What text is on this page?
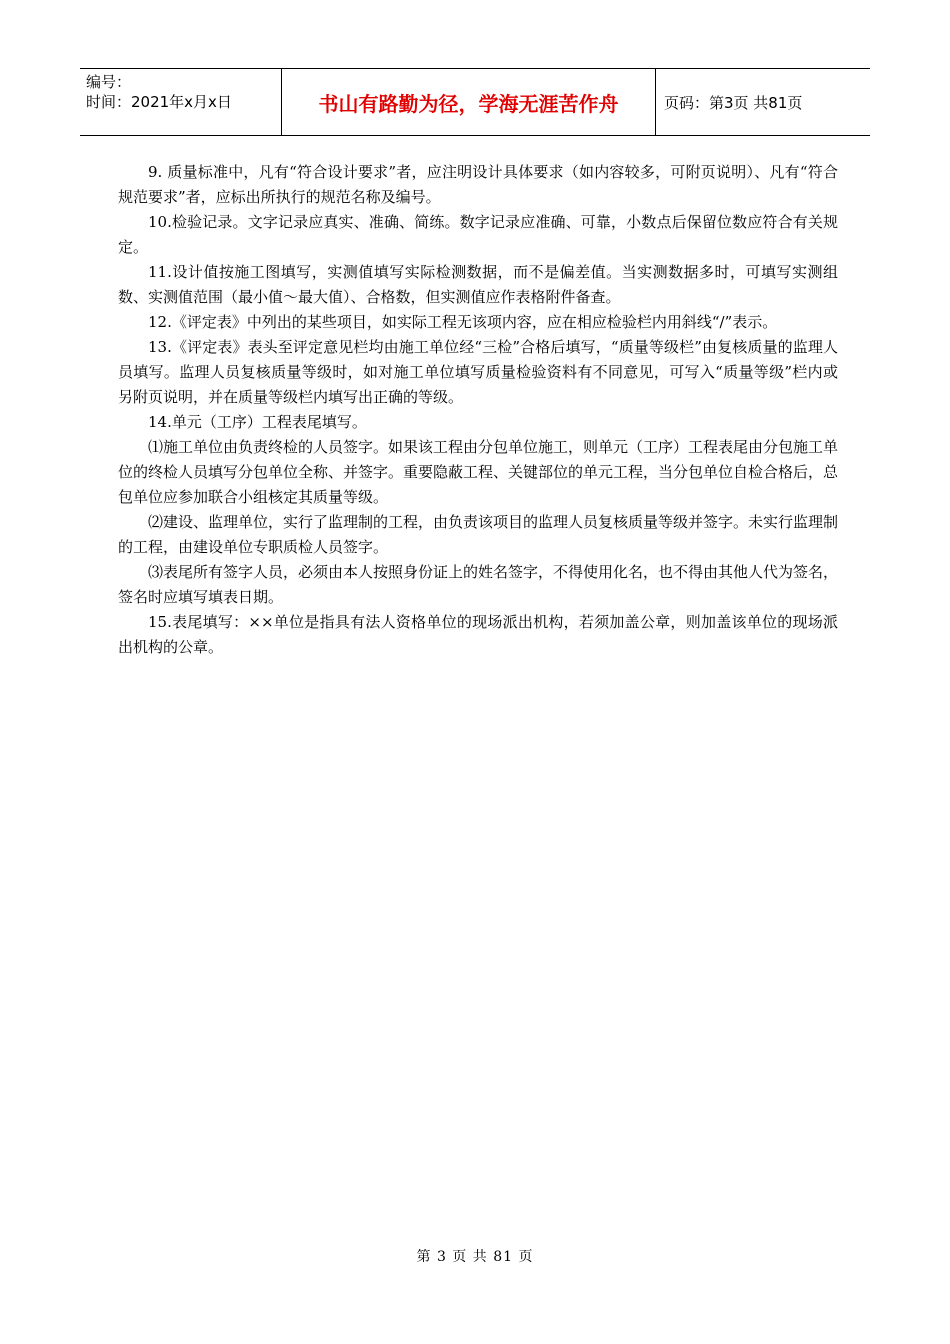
编号：
时间：2021年x月x日	书山有路勤为径，学海无涯苦作舟	页码：第3页 共81页

9. 质量标准中，凡有“符合设计要求”者，应注明设计具体要求（如内容较多，可附页说明）、凡有“符合规范要求”者，应标出所执行的规范名称及编号。

10.检验记录。文字记录应真实、准确、简练。数字记录应准确、可靠，小数点后保留位数应符合有关规定。

11.设计值按施工图填写，实测值填写实际检测数据，而不是偏差值。当实测数据多时，可填写实测组数、实测值范围（最小值～最大值）、合格数，但实测值应作表格附件备查。

12.《评定表》中列出的某些项目，如实际工程无该项内容，应在相应检验栏内用斜线“/”表示。

13.《评定表》表头至评定意见栏均由施工单位经“三检”合格后填写，“质量等级栏”由复核质量的监理人员填写。监理人员复核质量等级时，如对施工单位填写质量检验资料有不同意见，可写入“质量等级”栏内或另附页说明，并在质量等级栏内填写出正确的等级。

14.单元（工序）工程表尾填写。

⑴施工单位由负责终检的人员签字。如果该工程由分包单位施工，则单元（工序）工程表尾由分包施工单位的终检人员填写分包单位全称、并签字。重要隐蔽工程、关键部位的单元工程，当分包单位自检合格后，总包单位应参加联合小组核定其质量等级。

⑵建设、监理单位，实行了监理制的工程，由负责该项目的监理人员复核质量等级并签字。未实行监理制的工程，由建设单位专职质检人员签字。

⑶表尾所有签字人员，必须由本人按照身份证上的姓名签字，不得使用化名，也不得由其他人代为签名，签名时应填写填表日期。

15.表尾填写：××单位是指具有法人资格单位的现场派出机构，若须加盖公章，则加盖该单位的现场派出机构的公章。

第 3 页 共 81 页
